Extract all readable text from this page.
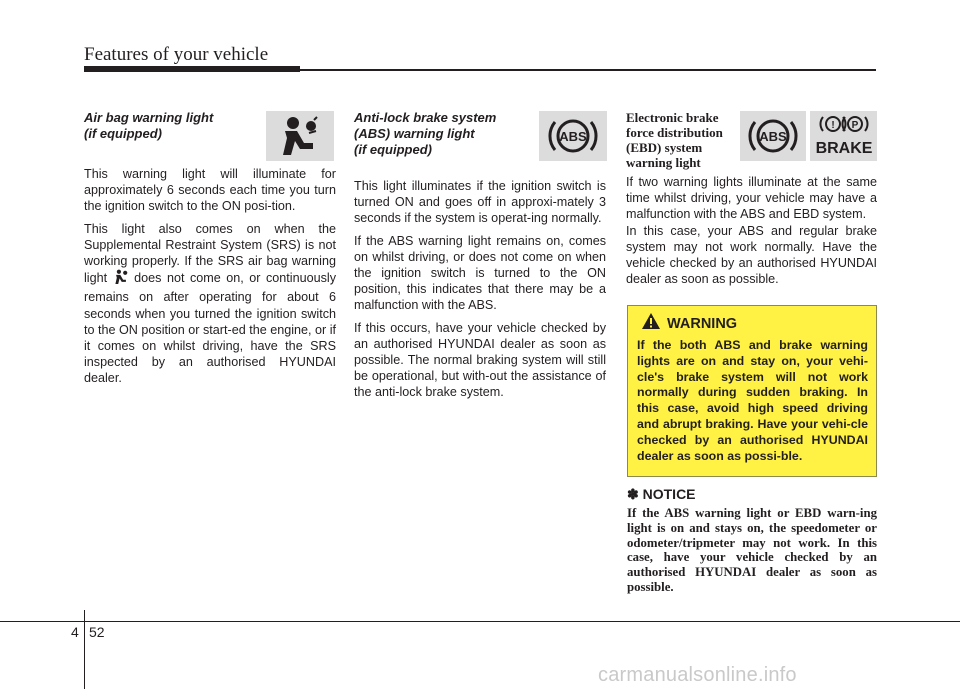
Features of your vehicle
Air bag warning light
(if equipped)

This warning light will illuminate for approximately 6 seconds each time you turn the ignition switch to the ON posi-tion.

This light also comes on when the Supplemental Restraint System (SRS) is not working properly. If the SRS air bag warning light does not come on, or continuously remains on after operating for about 6 seconds when you turned the ignition switch to the ON position or start-ed the engine, or if it comes on whilst driving, have the SRS inspected by an authorised HYUNDAI dealer.

Anti-lock brake system
(ABS) warning light
(if equipped)

This light illuminates if the ignition switch is turned ON and goes off in approxi-mately 3 seconds if the system is operat-ing normally.

If the ABS warning light remains on, comes on whilst driving, or does not come on when the ignition switch is turned to the ON position, this indicates that there may be a malfunction with the ABS.

If this occurs, have your vehicle checked by an authorised HYUNDAI dealer as soon as possible. The normal braking system will still be operational, but with-out the assistance of the anti-lock brake system.

ABS
Electronic brake force distribution (EBD) system warning light

If two warning lights illuminate at the same time whilst driving, your vehicle may have a malfunction with the ABS and EBD system.

In this case, your ABS and regular brake system may not work normally. Have the vehicle checked by an authorised HYUNDAI dealer as soon as possible.

ABS
! P
BRAKE
WARNING
If the both ABS and brake warning lights are on and stay on, your vehi-cle's brake system will not work normally during sudden braking. In this case, avoid high speed driving and abrupt braking. Have your vehi-cle checked by an authorised HYUNDAI dealer as soon as possi-ble.
✽ NOTICE
If the ABS warning light or EBD warn-ing light is on and stays on, the speedometer or odometer/tripmeter may not work. In this case, have your vehicle checked by an authorised HYUNDAI dealer as soon as possible.
4 52
carmanualsonline.info
